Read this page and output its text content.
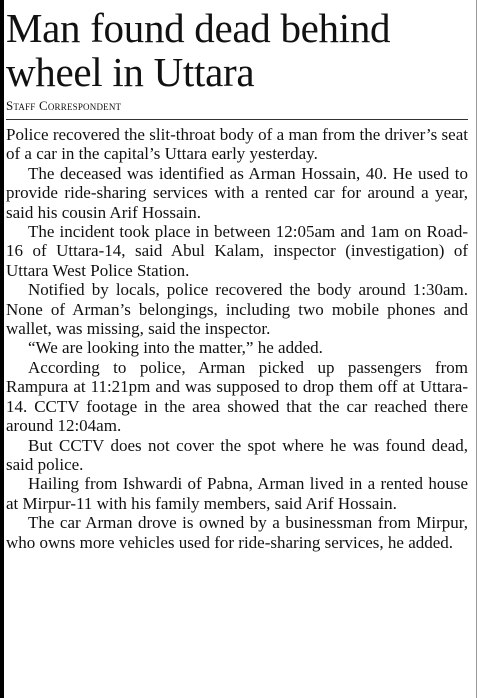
Man found dead behind wheel in Uttara
Staff Correspondent

Police recovered the slit-throat body of a man from the driver’s seat of a car in the capital’s Uttara early yesterday.

The deceased was identified as Arman Hossain, 40. He used to provide ride-sharing services with a rented car for around a year, said his cousin Arif Hossain.

The incident took place in between 12:05am and 1am on Road-16 of Uttara-14, said Abul Kalam, inspector (investigation) of Uttara West Police Station.

Notified by locals, police recovered the body around 1:30am. None of Arman’s belongings, including two mobile phones and wallet, was missing, said the inspector.

“We are looking into the matter,” he added.

According to police, Arman picked up passengers from Rampura at 11:21pm and was supposed to drop them off at Uttara-14. CCTV footage in the area showed that the car reached there around 12:04am.

But CCTV does not cover the spot where he was found dead, said police.

Hailing from Ishwardi of Pabna, Arman lived in a rented house at Mirpur-11 with his family members, said Arif Hossain.

The car Arman drove is owned by a businessman from Mirpur, who owns more vehicles used for ride-sharing services, he added.
